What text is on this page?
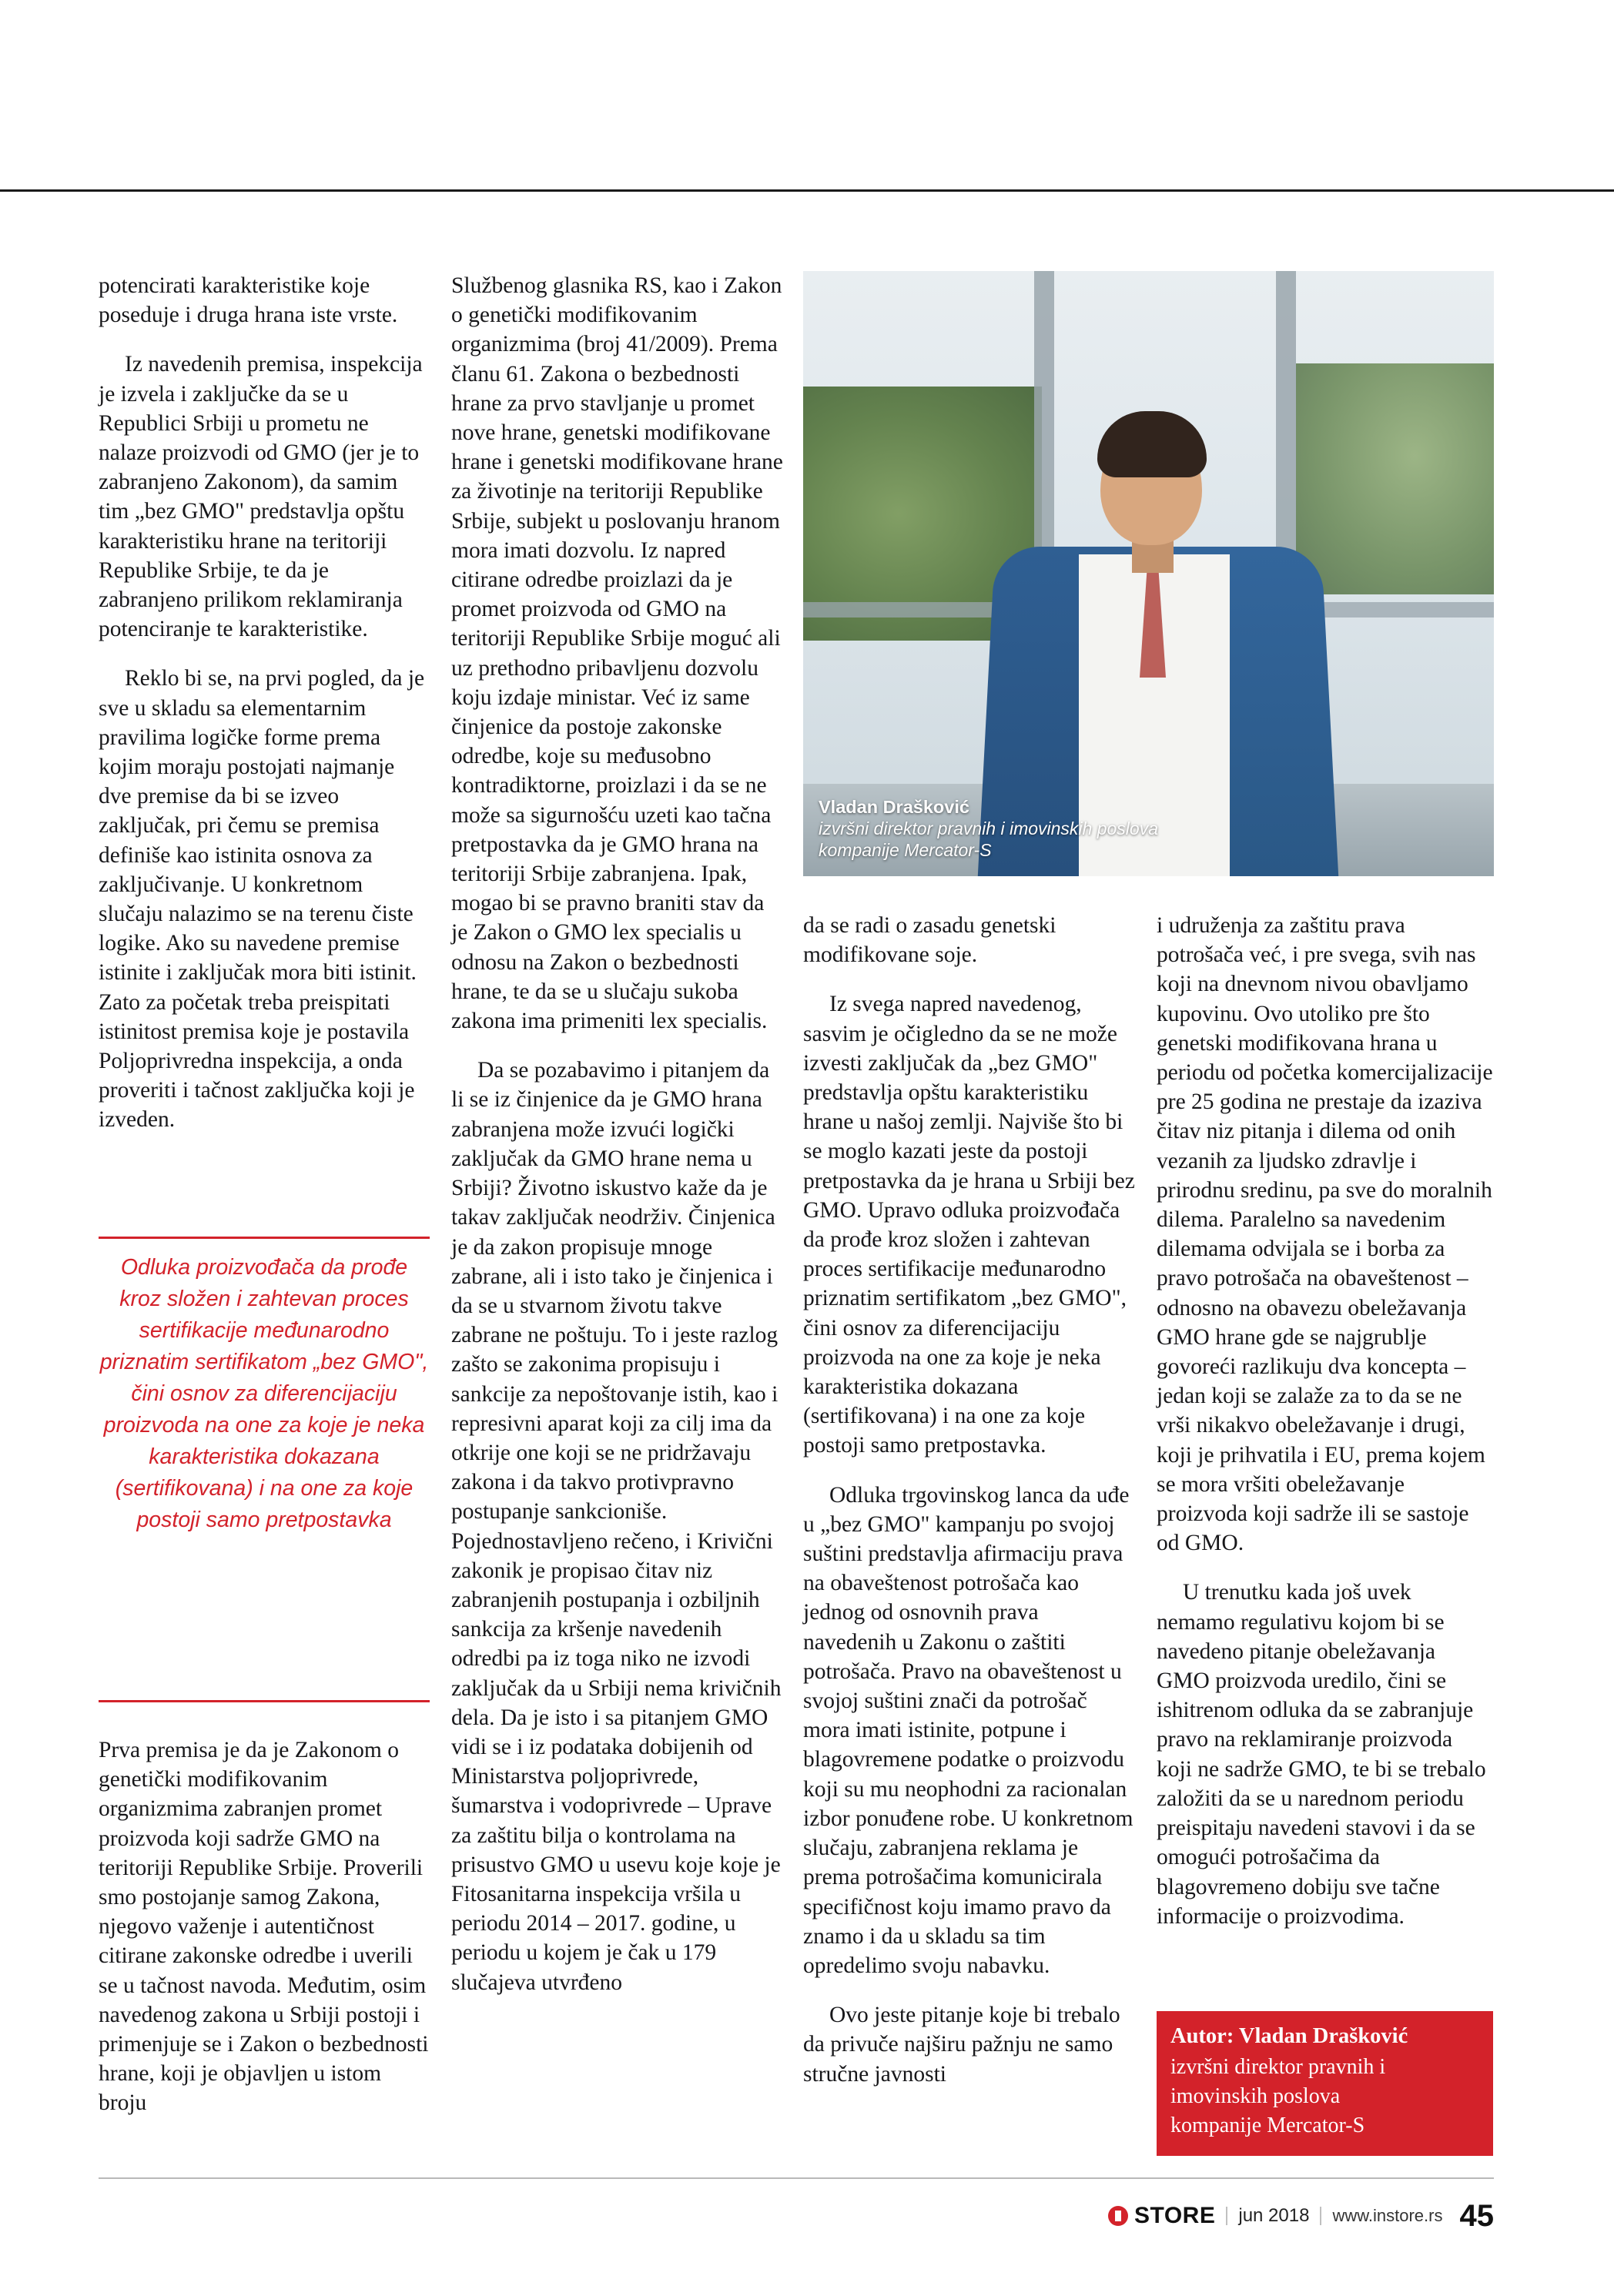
potencirati karakteristike koje poseduje i druga hrana iste vrste.

Iz navedenih premisa, inspekcija je izvela i zaključke da se u Republici Srbiji u prometu ne nalaze proizvodi od GMO (jer je to zabranjeno Zakonom), da samim tim „bez GMO" predstavlja opštu karakteristiku hrane na teritoriji Republike Srbije, te da je zabranjeno prilikom reklamiranja potenciranje te karakteristike.

Reklo bi se, na prvi pogled, da je sve u skladu sa elementarnim pravilima logičke forme prema kojim moraju postojati najmanje dve premise da bi se izveo zaključak, pri čemu se premisa definiše kao istinita osnova za zaključivanje. U konkretnom slučaju nalazimo se na terenu čiste logike. Ako su navedene premise istinite i zaključak mora biti istinit. Zato za početak treba preispitati istinitost premisa koje je postavila Poljoprivredna inspekcija, a onda proveriti i tačnost zaključka koji je izveden.

Odluka proizvođača da prođe kroz složen i zahtevan proces sertifikacije međunarodno priznatim sertifikatom „bez GMO", čini osnov za diferencijaciju proizvoda na one za koje je neka karakteristika dokazana (sertifikovana) i na one za koje postoji samo pretpostavka

Prva premisa je da je Zakonom o genetički modifikovanim organizmima zabranjen promet proizvoda koji sadrže GMO na teritoriji Republike Srbije. Proverili smo postojanje samog Zakona, njegovo važenje i autentičnost citirane zakonske odredbe i uverili se u tačnost navoda. Međutim, osim navedenog zakona u Srbiji postoji i primenjuje se i Zakon o bezbednosti hrane, koji je objavljen u istom broju

Službenog glasnika RS, kao i Zakon o genetički modifikovanim organizmima (broj 41/2009). Prema članu 61. Zakona o bezbednosti hrane za prvo stavljanje u promet nove hrane, genetski modifikovane hrane i genetski modifikovane hrane za životinje na teritoriji Republike Srbije, subjekt u poslovanju hranom mora imati dozvolu. Iz napred citirane odredbe proizlazi da je promet proizvoda od GMO na teritoriji Republike Srbije moguć ali uz prethodno pribavljenu dozvolu koju izdaje ministar. Već iz same činjenice da postoje zakonske odredbe, koje su međusobno kontradiktorne, proizlazi i da se ne može sa sigurnošću uzeti kao tačna pretpostavka da je GMO hrana na teritoriji Srbije zabranjena. Ipak, mogao bi se pravno braniti stav da je Zakon o GMO lex specialis u odnosu na Zakon o bezbednosti hrane, te da se u slučaju sukoba zakona ima primeniti lex specialis.

Da se pozabavimo i pitanjem da li se iz činjenice da je GMO hrana zabranjena može izvući logički zaključak da GMO hrane nema u Srbiji? Životno iskustvo kaže da je takav zaključak neodrživ. Činjenica je da zakon propisuje mnoge zabrane, ali i isto tako je činjenica i da se u stvarnom životu takve zabrane ne poštuju. To i jeste razlog zašto se zakonima propisuju i sankcije za nepoštovanje istih, kao i represivni aparat koji za cilj ima da otkrije one koji se ne pridržavaju zakona i da takvo protivpravno postupanje sankcioniše. Pojednostavljeno rečeno, i Krivični zakonik je propisao čitav niz zabranjenih postupanja i ozbiljnih sankcija za kršenje navedenih odredbi pa iz toga niko ne izvodi zaključak da u Srbiji nema krivičnih dela. Da je isto i sa pitanjem GMO vidi se i iz podataka dobijenih od Ministarstva poljoprivrede, šumarstva i vodoprivrede – Uprave za zaštitu bilja o kontrolama na prisustvo GMO u usevu koje koje je Fitosanitarna inspekcija vršila u periodu 2014 – 2017. godine, u periodu u kojem je čak u 179 slučajeva utvrđeno

Vladan Drašković
izvršni direktor pravnih i imovinskih poslova
kompanije Mercator-S

da se radi o zasadu genetski modifikovane soje.

Iz svega napred navedenog, sasvim je očigledno da se ne može izvesti zaključak da „bez GMO" predstavlja opštu karakteristiku hrane u našoj zemlji. Najviše što bi se moglo kazati jeste da postoji pretpostavka da je hrana u Srbiji bez GMO. Upravo odluka proizvođača da prođe kroz složen i zahtevan proces sertifikacije međunarodno priznatim sertifikatom „bez GMO", čini osnov za diferencijaciju proizvoda na one za koje je neka karakteristika dokazana (sertifikovana) i na one za koje postoji samo pretpostavka.

Odluka trgovinskog lanca da uđe u „bez GMO" kampanju po svojoj suštini predstavlja afirmaciju prava na obaveštenost potrošača kao jednog od osnovnih prava navedenih u Zakonu o zaštiti potrošača. Pravo na obaveštenost u svojoj suštini znači da potrošač mora imati istinite, potpune i blagovremene podatke o proizvodu koji su mu neophodni za racionalan izbor ponuđene robe. U konkretnom slučaju, zabranjena reklama je prema potrošačima komunicirala specifičnost koju imamo pravo da znamo i da u skladu sa tim opredelimo svoju nabavku.

Ovo jeste pitanje koje bi trebalo da privuče najširu pažnju ne samo stručne javnosti

i udruženja za zaštitu prava potrošača već, i pre svega, svih nas koji na dnevnom nivou obavljamo kupovinu. Ovo utoliko pre što genetski modifikovana hrana u periodu od početka komercijalizacije pre 25 godina ne prestaje da izaziva čitav niz pitanja i dilema od onih vezanih za ljudsko zdravlje i prirodnu sredinu, pa sve do moralnih dilema. Paralelno sa navedenim dilemama odvijala se i borba za pravo potrošača na obaveštenost – odnosno na obavezu obeležavanja GMO hrane gde se najgrublje govoreći razlikuju dva koncepta – jedan koji se zalaže za to da se ne vrši nikakvo obeležavanje i drugi, koji je prihvatila i EU, prema kojem se mora vršiti obeležavanje proizvoda koji sadrže ili se sastoje od GMO.

U trenutku kada još uvek nemamo regulativu kojom bi se navedeno pitanje obeležavanja GMO proizvoda uredilo, čini se ishitrenom odluka da se zabranjuje pravo na reklamiranje proizvoda koji ne sadrže GMO, te bi se trebalo založiti da se u narednom periodu preispitaju navedeni stavovi i da se omogući potrošačima da blagovremeno dobiju sve tačne informacije o proizvodima.

Autor: Vladan Drašković
izvršni direktor pravnih i
imovinskih poslova
kompanije Mercator-S
STORE jun 2018 www.instore.rs 45
